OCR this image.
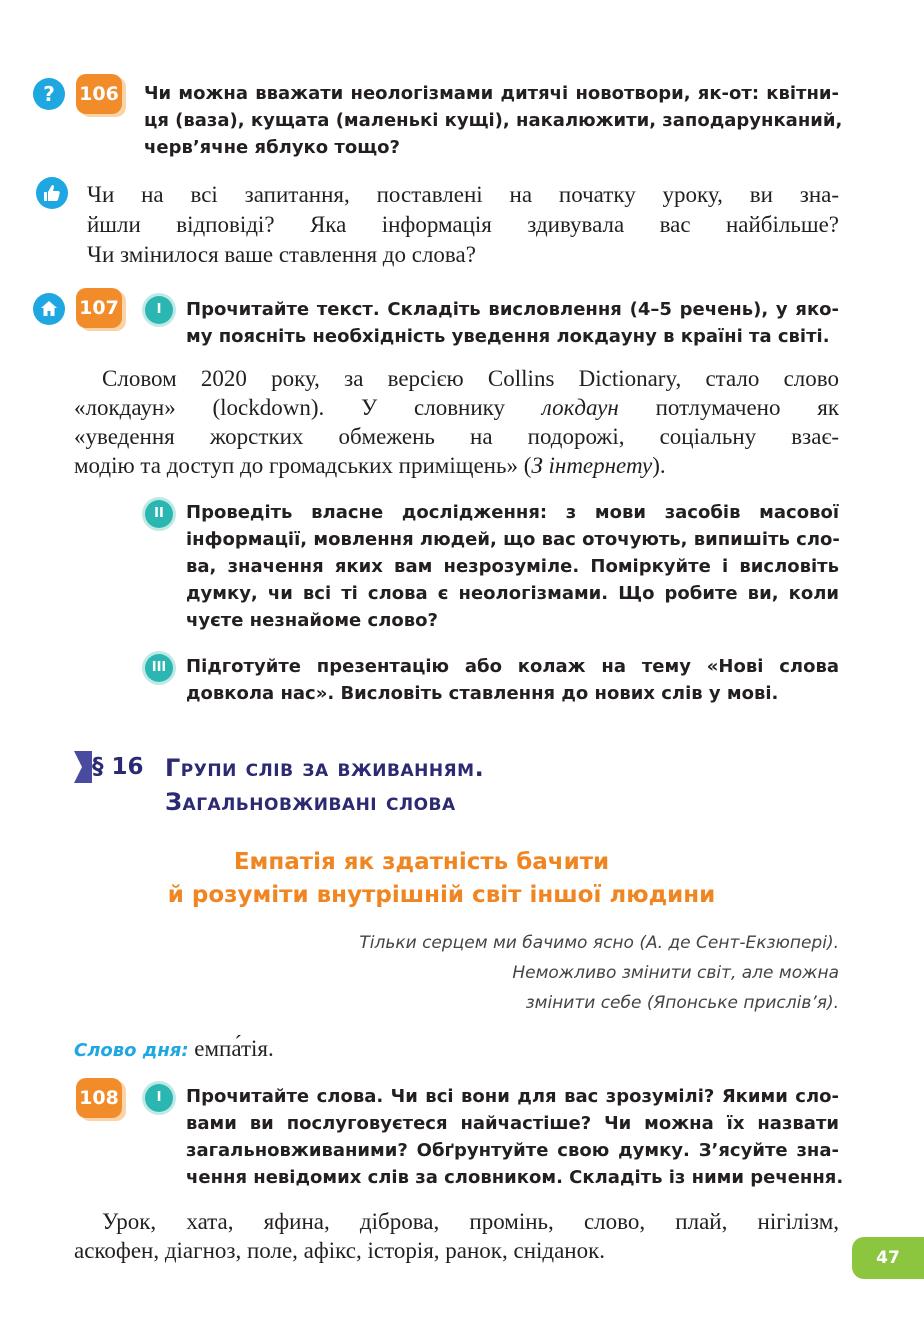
? 106 Чи можна вважати неологізмами дитячі новотвори, як-от: квітни-
ця (ваза), кущата (маленькі кущі), накалюжити, заподарунканий,
черв’ячне яблуко тощо?
Чи на всі запитання, поставлені на початку уроку, ви зна-
йшли відповіді? Яка інформація здивувала вас найбільше?
Чи змінилося ваше ставлення до слова?
107	I	Прочитайте текст. Складіть висловлення (4–5 речень), у яко-
му поясніть необхідність уведення локдауну в країні та світі.
Словом 2020 року, за версією Collins Dictionary, стало слово
«локдаун» (lockdown). У словнику локдаун потлумачено як
«уведення жорстких обмежень на подорожі, соціальну взає-
модію та доступ до громадських приміщень» (З інтернету).
II	Проведіть власне дослідження: з мови засобів масової
інформації, мовлення людей, що вас оточують, випишіть сло-
ва, значення яких вам незрозуміле. Поміркуйте і висловіть
думку, чи всі ті слова є неологізмами. Що робите ви, коли
чуєте незнайоме слово?
III	Підготуйте презентацію або колаж на тему «Нові слова
довкола нас». Висловіть ставлення до нових слів у мові.
§ 16 Групи слів за вживанням.
Загальновживані слова
Емпатія як здатність бачити
й розуміти внутрішній світ іншої людини
Тільки серцем ми бачимо ясно (А. де Сент-Екзюпері).
Неможливо змінити світ, але можна
змінити себе (Японське прислів’я).
Слово дня: емпа́тія.
108	I	Прочитайте слова. Чи всі вони для вас зрозумілі? Якими сло-
вами ви послуговуєтеся найчастіше? Чи можна їх назвати
загальновживаними? Обґрунтуйте свою думку. З’ясуйте зна-
чення невідомих слів за словником. Складіть із ними речення.
Урок, хата, яфина, діброва, промінь, слово, плай, нігілізм,
аскофен, діагноз, поле, афікс, історія, ранок, сніданок.	47
